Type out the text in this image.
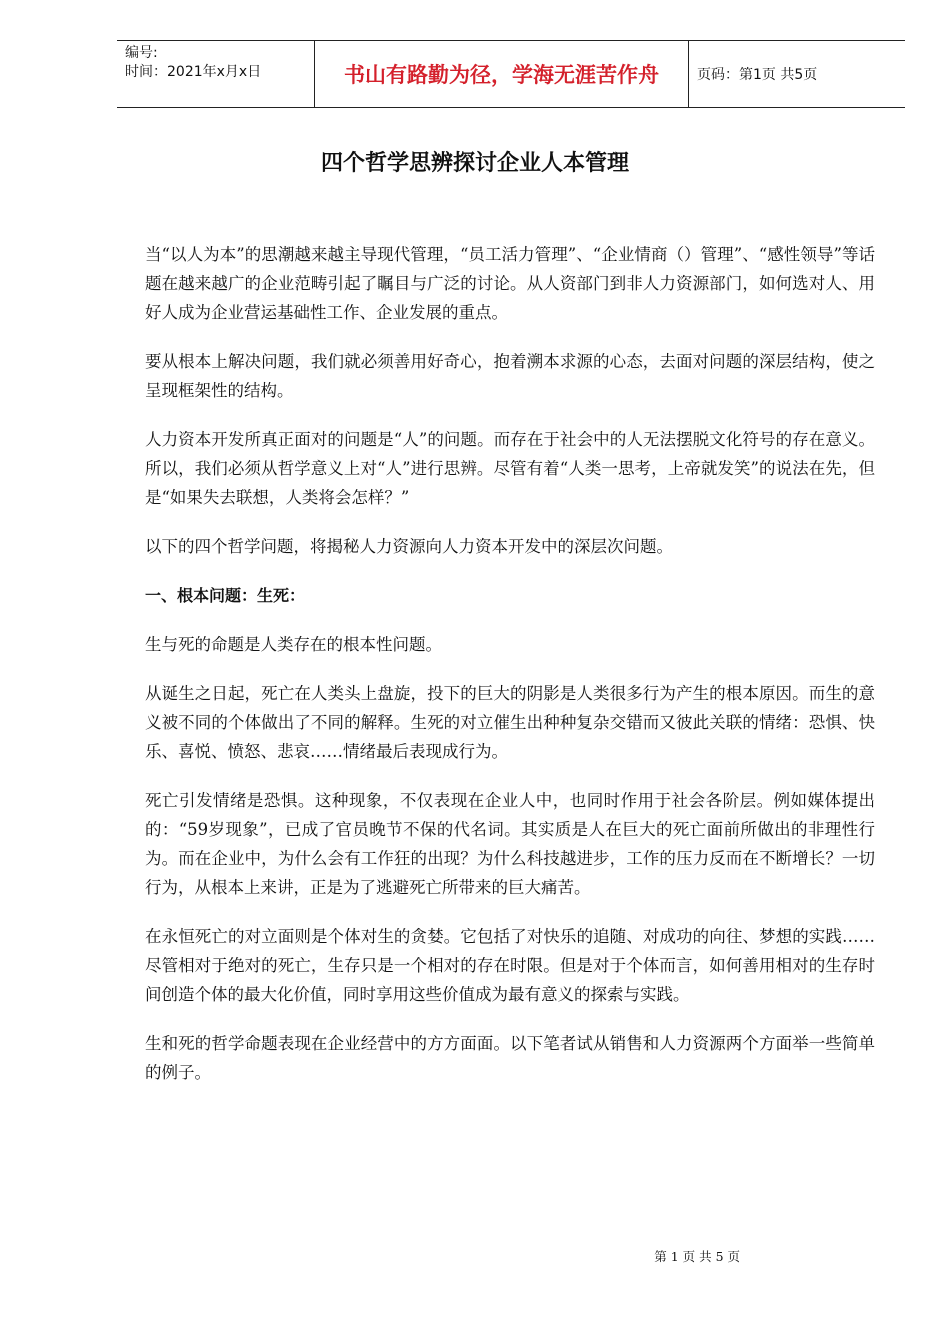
编号:
时间：2021年x月x日	书山有路勤为径，学海无涯苦作舟	页码：第1页 共5页
四个哲学思辨探讨企业人本管理

当“以人为本”的思潮越来越主导现代管理，“员工活力管理”、“企业情商（）管理”、“感性领导”等话题在越来越广的企业范畴引起了瞩目与广泛的讨论。从人资部门到非人力资源部门，如何选对人、用好人成为企业营运基础性工作、企业发展的重点。

要从根本上解决问题，我们就必须善用好奇心，抱着溯本求源的心态，去面对问题的深层结构，使之呈现框架性的结构。

人力资本开发所真正面对的问题是“人”的问题。而存在于社会中的人无法摆脱文化符号的存在意义。所以，我们必须从哲学意义上对“人”进行思辨。尽管有着“人类一思考，上帝就发笑”的说法在先，但是“如果失去联想，人类将会怎样？”

以下的四个哲学问题，将揭秘人力资源向人力资本开发中的深层次问题。

一、根本问题：生死：

生与死的命题是人类存在的根本性问题。

从诞生之日起，死亡在人类头上盘旋，投下的巨大的阴影是人类很多行为产生的根本原因。而生的意义被不同的个体做出了不同的解释。生死的对立催生出种种复杂交错而又彼此关联的情绪：恐惧、快乐、喜悦、愤怒、悲哀……情绪最后表现成行为。

死亡引发情绪是恐惧。这种现象，不仅表现在企业人中，也同时作用于社会各阶层。例如媒体提出的：“59岁现象”，已成了官员晚节不保的代名词。其实质是人在巨大的死亡面前所做出的非理性行为。而在企业中，为什么会有工作狂的出现？为什么科技越进步，工作的压力反而在不断增长？一切行为，从根本上来讲，正是为了逃避死亡所带来的巨大痛苦。

在永恒死亡的对立面则是个体对生的贪婪。它包括了对快乐的追随、对成功的向往、梦想的实践……尽管相对于绝对的死亡，生存只是一个相对的存在时限。但是对于个体而言，如何善用相对的生存时间创造个体的最大化价值，同时享用这些价值成为最有意义的探索与实践。

生和死的哲学命题表现在企业经营中的方方面面。以下笔者试从销售和人力资源两个方面举一些简单的例子。

第 1 页 共 5 页
